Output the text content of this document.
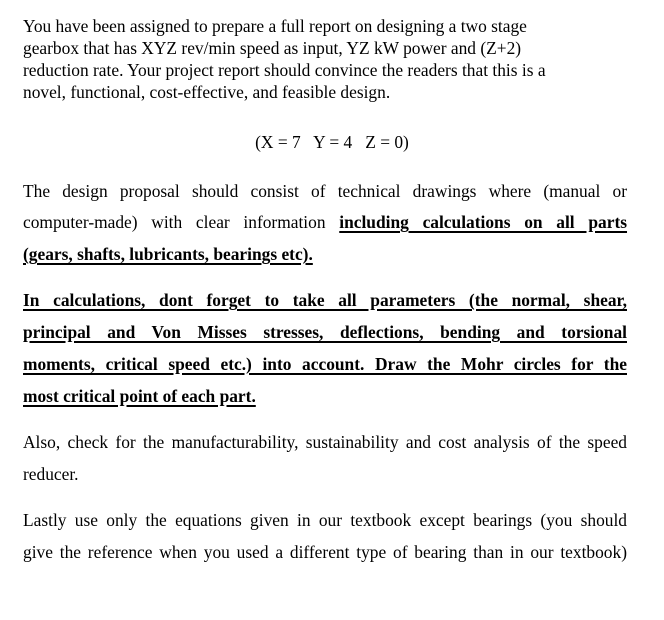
You have been assigned to prepare a full report on designing a two stage
gearbox that has XYZ rev/min speed as input, YZ kW power and (Z+2)
reduction rate. Your project report should convince the readers that this is a
novel, functional, cost-effective, and feasible design.
(X = 7   Y = 4   Z = 0)
The design proposal should consist of technical drawings where (manual or
computer-made) with clear information including calculations on all parts
(gears, shafts, lubricants, bearings etc).
In calculations, dont forget to take all parameters (the normal, shear,
principal and Von Misses stresses, deflections, bending and torsional
moments, critical speed etc.) into account. Draw the Mohr circles for the
most critical point of each part.
Also, check for the manufacturability, sustainability and cost analysis of the speed
reducer.
Lastly use only the equations given in our textbook except bearings (you should
give the reference when you used a different type of bearing than in our textbook)
